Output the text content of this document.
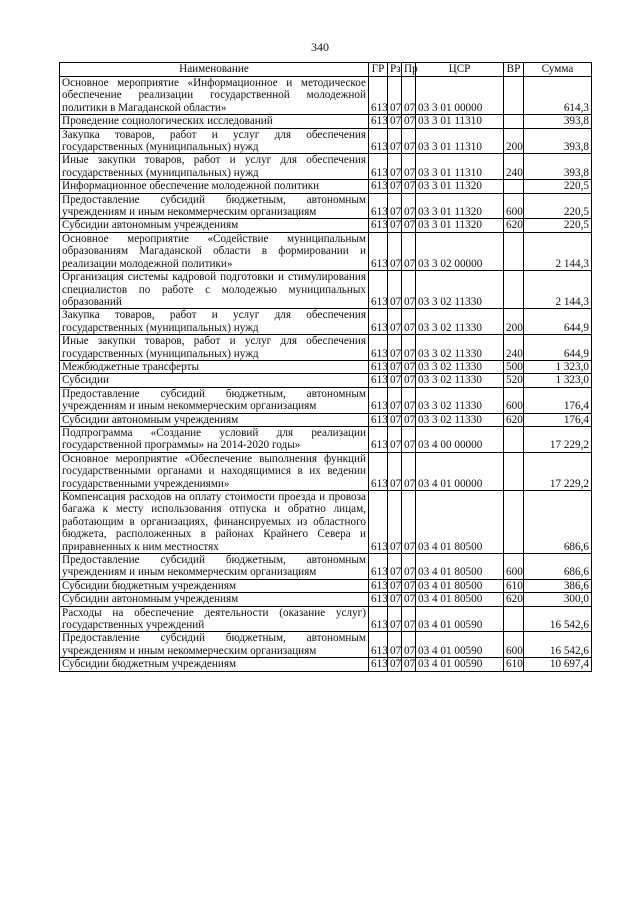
340
Наименование	ГР	Рз	Пр	ЦСР	ВР	Сумма
Основное мероприятие «Информационное и методическое обеспечение реализации государственной молодежной политики в Магаданской области»	613	07	07	03 3 01 00000		614,3
Проведение социологических исследований	613	07	07	03 3 01 11310		393,8
Закупка товаров, работ и услуг для обеспечения государственных (муниципальных) нужд	613	07	07	03 3 01 11310	200	393,8
Иные закупки товаров, работ и услуг для обеспечения государственных (муниципальных) нужд	613	07	07	03 3 01 11310	240	393,8
Информационное обеспечение молодежной политики	613	07	07	03 3 01 11320		220,5
Предоставление субсидий бюджетным, автономным учреждениям и иным некоммерческим организациям	613	07	07	03 3 01 11320	600	220,5
Субсидии автономным учреждениям	613	07	07	03 3 01 11320	620	220,5
Основное мероприятие «Содействие муниципальным образованиям Магаданской области в формировании и реализации молодежной политики»	613	07	07	03 3 02 00000		2 144,3
Организация системы кадровой подготовки и стимулирования специалистов по работе с молодежью муниципальных образований	613	07	07	03 3 02 11330		2 144,3
Закупка товаров, работ и услуг для обеспечения государственных (муниципальных) нужд	613	07	07	03 3 02 11330	200	644,9
Иные закупки товаров, работ и услуг для обеспечения государственных (муниципальных) нужд	613	07	07	03 3 02 11330	240	644,9
Межбюджетные трансферты	613	07	07	03 3 02 11330	500	1 323,0
Субсидии	613	07	07	03 3 02 11330	520	1 323,0
Предоставление субсидий бюджетным, автономным учреждениям и иным некоммерческим организациям	613	07	07	03 3 02 11330	600	176,4
Субсидии автономным учреждениям	613	07	07	03 3 02 11330	620	176,4
Подпрограмма «Создание условий для реализации государственной программы» на 2014-2020 годы»	613	07	07	03 4 00 00000		17 229,2
Основное мероприятие «Обеспечение выполнения функций государственными органами и находящимися в их ведении государственными учреждениями»	613	07	07	03 4 01 00000		17 229,2
Компенсация расходов на оплату стоимости проезда и провоза багажа к месту использования отпуска и обратно лицам, работающим в организациях, финансируемых из областного бюджета, расположенных в районах Крайнего Севера и приравненных к ним местностях	613	07	07	03 4 01 80500		686,6
Предоставление субсидий бюджетным, автономным учреждениям и иным некоммерческим организациям	613	07	07	03 4 01 80500	600	686,6
Субсидии бюджетным учреждениям	613	07	07	03 4 01 80500	610	386,6
Субсидии автономным учреждениям	613	07	07	03 4 01 80500	620	300,0
Расходы на обеспечение деятельности (оказание услуг) государственных учреждений	613	07	07	03 4 01 00590		16 542,6
Предоставление субсидий бюджетным, автономным учреждениям и иным некоммерческим организациям	613	07	07	03 4 01 00590	600	16 542,6
Субсидии бюджетным учреждениям	613	07	07	03 4 01 00590	610	10 697,4
